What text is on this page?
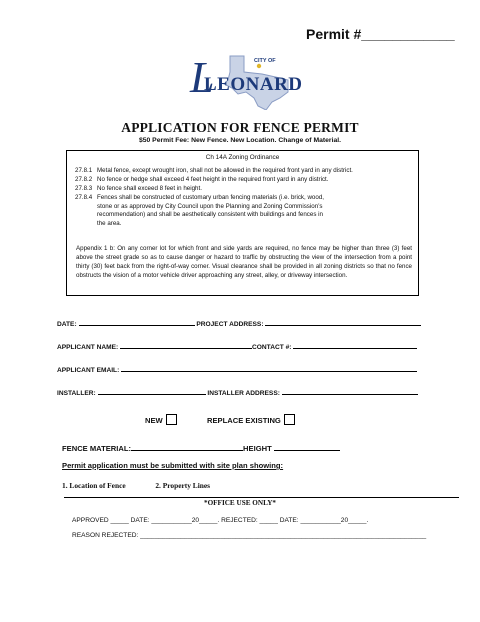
Permit #____________
L	CITY OF
LEONARD
APPLICATION FOR FENCE PERMIT
$50 Permit Fee: New Fence. New Location. Change of Material.
Ch 14A Zoning Ordinance
27.8.1 Metal fence, except wrought iron, shall not be allowed in the required front yard in any district.
27.8.2 No fence or hedge shall exceed 4 feet height in the required front yard in any district.
27.8.3 No fence shall exceed 8 feet in height.
27.8.4 Fences shall be constructed of customary urban fencing materials (i.e. brick, wood, stone or as approved by City Council upon the Planning and Zoning Commission’s recommendation) and shall be aesthetically consistent with buildings and fences in the area.
Appendix 1 b: On any corner lot for which front and side yards are required, no fence may be higher than three (3) feet above the street grade so as to cause danger or hazard to traffic by obstructing the view of the intersection from a point thirty (30) feet back from the right-of-way corner. Visual clearance shall be provided in all zoning districts so that no fence obstructs the vision of a motor vehicle driver approaching any street, alley, or driveway intersection.
DATE:	PROJECT ADDRESS:
APPLICANT NAME:	CONTACT #:
APPLICANT EMAIL:
INSTALLER:	INSTALLER ADDRESS:
NEW	REPLACE EXISTING
FENCE MATERIAL:	HEIGHT
Permit application must be submitted with site plan showing:
1. Location of Fence	2. Property Lines
*OFFICE USE ONLY*
APPROVED _____ DATE: ___________20_____. REJECTED: _____ DATE: ___________20_____.
REASON REJECTED: ______________________________________________________________________________
